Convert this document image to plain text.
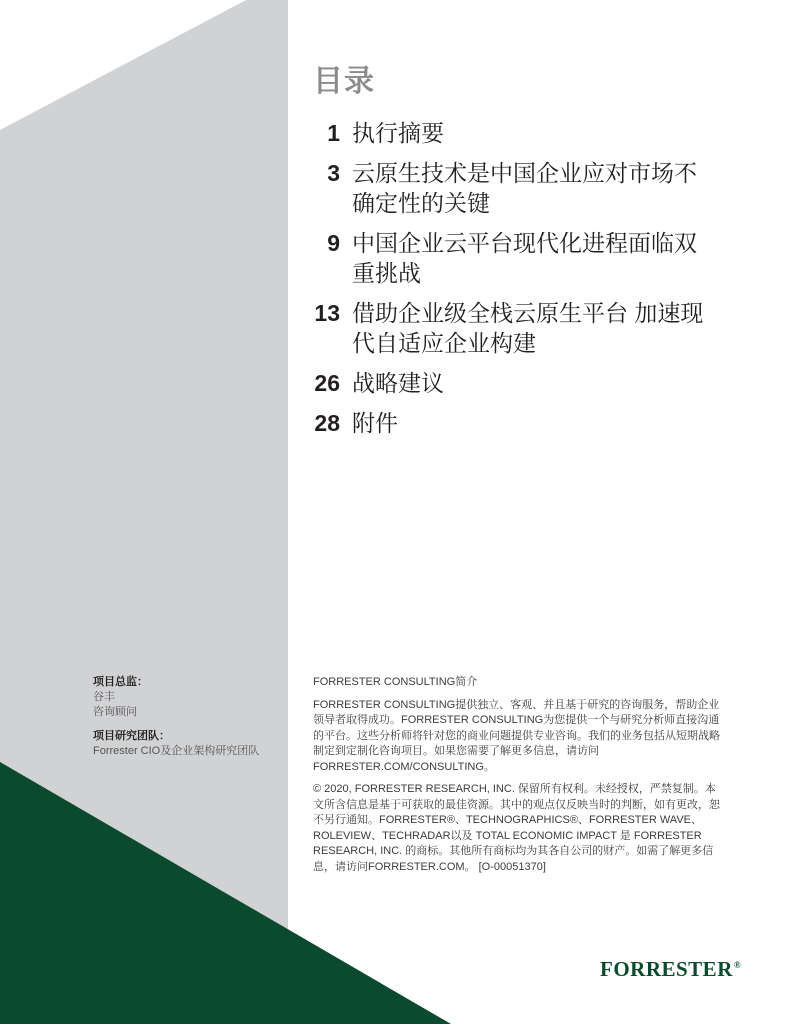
目录
1 执行摘要
3 云原生技术是中国企业应对市场不确定性的关键
9 中国企业云平台现代化进程面临双重挑战
13 借助企业级全栈云原生平台 加速现代自适应企业构建
26 战略建议
28 附件
项目总监：
谷丰
咨询顾问
项目研究团队：
Forrester CIO及企业架构研究团队

FORRESTER CONSULTING简介

FORRESTER CONSULTING提供独立、客观、并且基于研究的咨询服务，帮助企业领导者取得成功。FORRESTER CONSULTING为您提供一个与研究分析师直接沟通的平台。这些分析师将针对您的商业问题提供专业咨询。我们的业务包括从短期战略制定到定制化咨询项目。如果您需要了解更多信息，请访问FORRESTER.COM/CONSULTING。

© 2020, FORRESTER RESEARCH, INC. 保留所有权利。未经授权，严禁复制。本文所含信息是基于可获取的最佳资源。其中的观点仅反映当时的判断，如有更改，恕不另行通知。FORRESTER®、TECHNOGRAPHICS®、FORRESTER WAVE、ROLEVIEW、TECHRADAR以及 TOTAL ECONOMIC IMPACT 是 FORRESTER RESEARCH, INC. 的商标。其他所有商标均为其各自公司的财产。如需了解更多信息，请访问FORRESTER.COM。 [O-00051370]

FORRESTER®
